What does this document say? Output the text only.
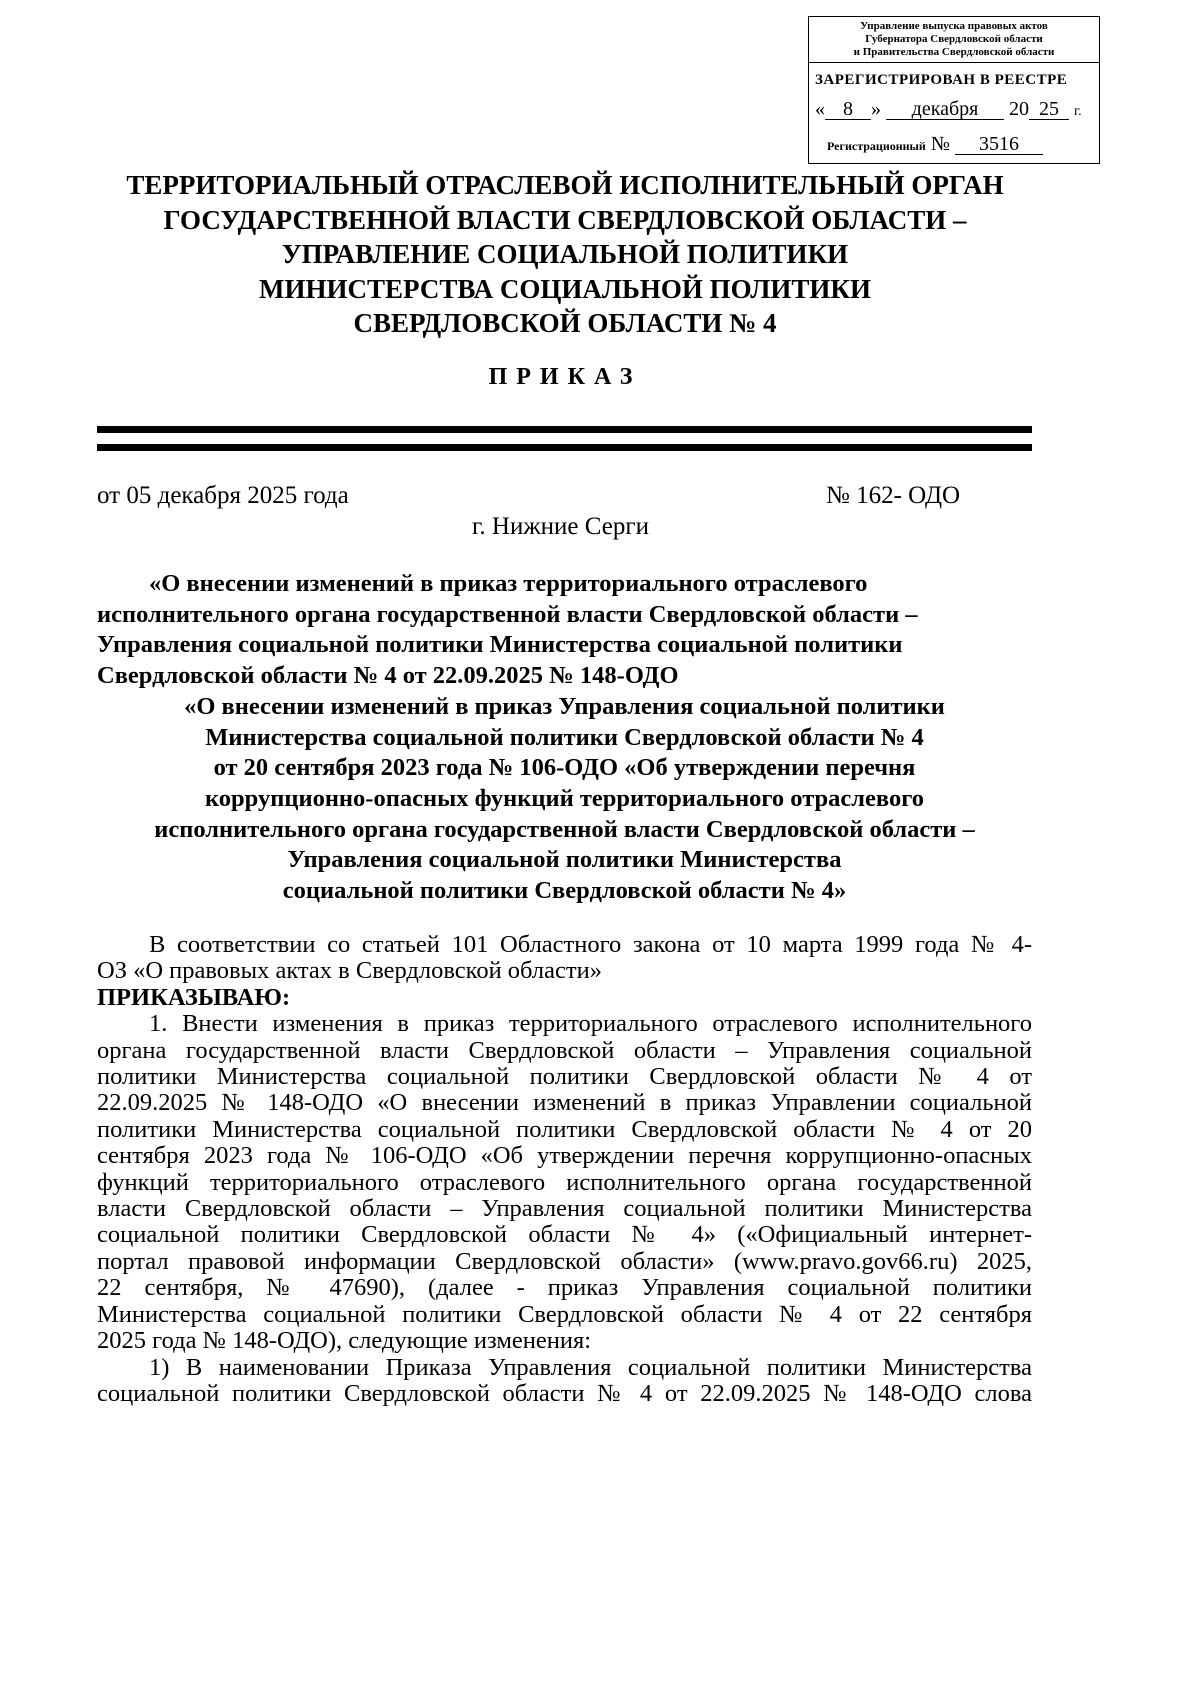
Управление выпуска правовых актов
Губернатора Свердловской области
и Правительства Свердловской области
ЗАРЕГИСТРИРОВАН В РЕЕСТРЕ
« 8 » декабря 20 25 г.
Регистрационный № 3516
ТЕРРИТОРИАЛЬНЫЙ ОТРАСЛЕВОЙ ИСПОЛНИТЕЛЬНЫЙ ОРГАН
ГОСУДАРСТВЕННОЙ ВЛАСТИ СВЕРДЛОВСКОЙ ОБЛАСТИ –
УПРАВЛЕНИЕ СОЦИАЛЬНОЙ ПОЛИТИКИ
МИНИСТЕРСТВА СОЦИАЛЬНОЙ ПОЛИТИКИ
СВЕРДЛОВСКОЙ ОБЛАСТИ № 4
ПРИКАЗ
от 05 декабря 2025 года	№ 162- ОДО
г. Нижние Серги
«О внесении изменений в приказ территориального отраслевого
исполнительного органа государственной власти Свердловской области –
Управления социальной политики Министерства социальной политики
Свердловской области № 4 от 22.09.2025 № 148-ОДО
«О внесении изменений в приказ Управления социальной политики
Министерства социальной политики Свердловской области № 4
от 20 сентября 2023 года № 106-ОДО «Об утверждении перечня
коррупционно-опасных функций территориального отраслевого
исполнительного органа государственной власти Свердловской области –
Управления социальной политики Министерства
социальной политики Свердловской области № 4»
В соответствии со статьей 101 Областного закона от 10 марта 1999 года № 4-
ОЗ «О правовых актах в Свердловской области»
ПРИКАЗЫВАЮ:
1. Внести изменения в приказ территориального отраслевого исполнительного
органа государственной власти Свердловской области – Управления социальной
политики Министерства социальной политики Свердловской области № 4 от
22.09.2025 № 148-ОДО «О внесении изменений в приказ Управлении социальной
политики Министерства социальной политики Свердловской области № 4 от 20
сентября 2023 года № 106-ОДО «Об утверждении перечня коррупционно-опасных
функций территориального отраслевого исполнительного органа государственной
власти Свердловской области – Управления социальной политики Министерства
социальной политики Свердловской области № 4» («Официальный интернет-
портал правовой информации Свердловской области» (www.pravo.gov66.ru) 2025,
22 сентября, № 47690), (далее - приказ Управления социальной политики
Министерства социальной политики Свердловской области № 4 от 22 сентября
2025 года № 148-ОДО), следующие изменения:
1) В наименовании Приказа Управления социальной политики Министерства
социальной политики Свердловской области № 4 от 22.09.2025 № 148-ОДО слова
